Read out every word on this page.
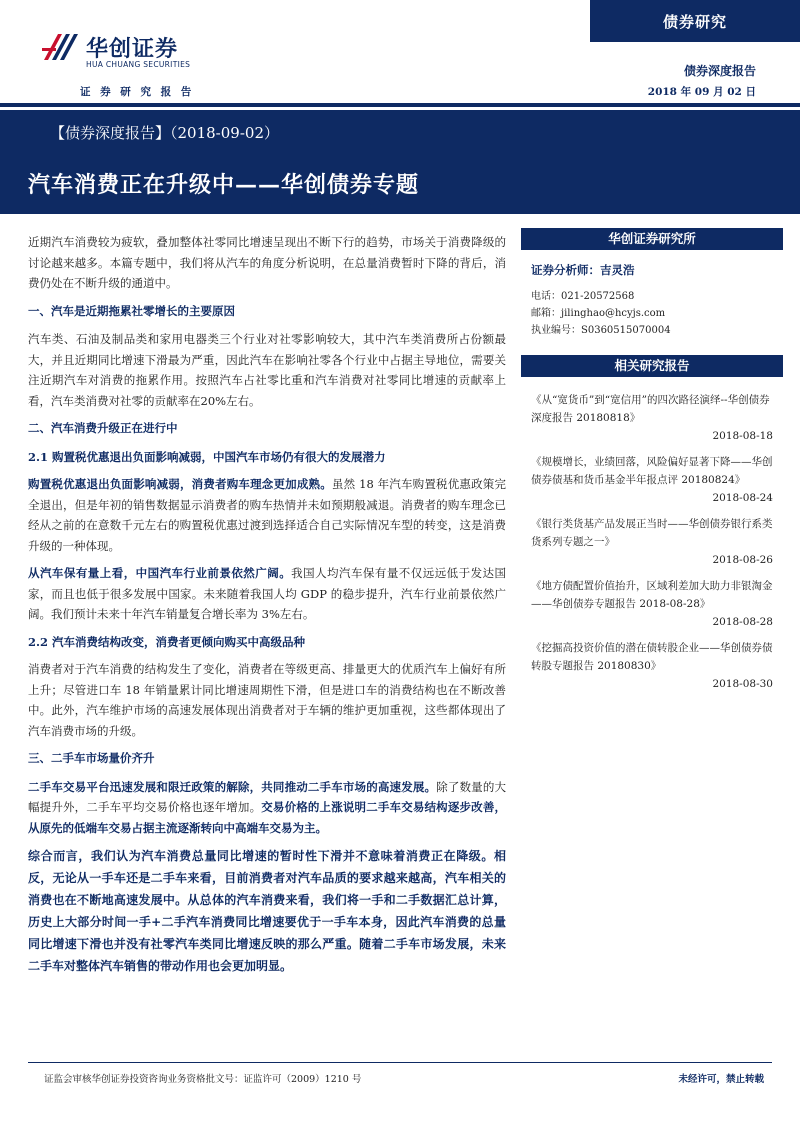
华创证券
HUA CHUANG SECURITIES
证 券 研 究 报 告
债券研究
债券深度报告
2018 年 09 月 02 日
【债券深度报告】（2018-09-02）
汽车消费正在升级中——华创债券专题

近期汽车消费较为疲软，叠加整体社零同比增速呈现出不断下行的趋势，市场关于消费降级的讨论越来越多。本篇专题中，我们将从汽车的角度分析说明，在总量消费暂时下降的背后，消费仍处在不断升级的通道中。

一、汽车是近期拖累社零增长的主要原因

汽车类、石油及制品类和家用电器类三个行业对社零影响较大，其中汽车类消费所占份额最大，并且近期同比增速下滑最为严重，因此汽车在影响社零各个行业中占据主导地位，需要关注近期汽车对消费的拖累作用。按照汽车占社零比重和汽车消费对社零同比增速的贡献率上看，汽车类消费对社零的贡献率在20%左右。

二、汽车消费升级正在进行中
2.1 购置税优惠退出负面影响减弱，中国汽车市场仍有很大的发展潜力

购置税优惠退出负面影响减弱，消费者购车理念更加成熟。虽然 18 年汽车购置税优惠政策完全退出，但是年初的销售数据显示消费者的购车热情并未如预期般减退。消费者的购车理念已经从之前的在意数千元左右的购置税优惠过渡到选择适合自己实际情况车型的转变，这是消费升级的一种体现。

从汽车保有量上看，中国汽车行业前景依然广阔。我国人均汽车保有量不仅远远低于发达国家，而且也低于很多发展中国家。未来随着我国人均 GDP 的稳步提升，汽车行业前景依然广阔。我们预计未来十年汽车销量复合增长率为 3%左右。

2.2 汽车消费结构改变，消费者更倾向购买中高级品种

消费者对于汽车消费的结构发生了变化，消费者在等级更高、排量更大的优质汽车上偏好有所上升；尽管进口车 18 年销量累计同比增速周期性下滑，但是进口车的消费结构也在不断改善中。此外，汽车维护市场的高速发展体现出消费者对于车辆的维护更加重视，这些都体现出了汽车消费市场的升级。

三、二手车市场量价齐升

二手车交易平台迅速发展和限迁政策的解除，共同推动二手车市场的高速发展。除了数量的大幅提升外，二手车平均交易价格也逐年增加。交易价格的上涨说明二手车交易结构逐步改善，从原先的低端车交易占据主流逐渐转向中高端车交易为主。

综合而言，我们认为汽车消费总量同比增速的暂时性下滑并不意味着消费正在降级。相反，无论从一手车还是二手车来看，目前消费者对汽车品质的要求越来越高，汽车相关的消费也在不断地高速发展中。从总体的汽车消费来看，我们将一手和二手数据汇总计算，历史上大部分时间一手+二手汽车消费同比增速要优于一手车本身，因此汽车消费的总量同比增速下滑也并没有社零汽车类同比增速反映的那么严重。随着二手车市场发展，未来二手车对整体汽车销售的带动作用也会更加明显。

华创证券研究所
证券分析师：吉灵浩
电话：021-20572568
邮箱：jilinghao@hcyjs.com
执业编号：S0360515070004
相关研究报告
《从“宽货币”到“宽信用”的四次路径演绎--华创债券深度报告 20180818》
2018-08-18
《规模增长，业绩回落，风险偏好显著下降——华创债券债基和货币基金半年报点评 20180824》
2018-08-24
《银行类货基产品发展正当时——华创债券银行系类货系列专题之一》
2018-08-26
《地方债配置价值抬升，区域利差加大助力非银淘金——华创债券专题报告 2018-08-28》
2018-08-28
《挖掘高投资价值的潜在债转股企业——华创债券债转股专题报告 20180830》
2018-08-30
证监会审核华创证券投资咨询业务资格批文号：证监许可（2009）1210 号	未经许可，禁止转载
